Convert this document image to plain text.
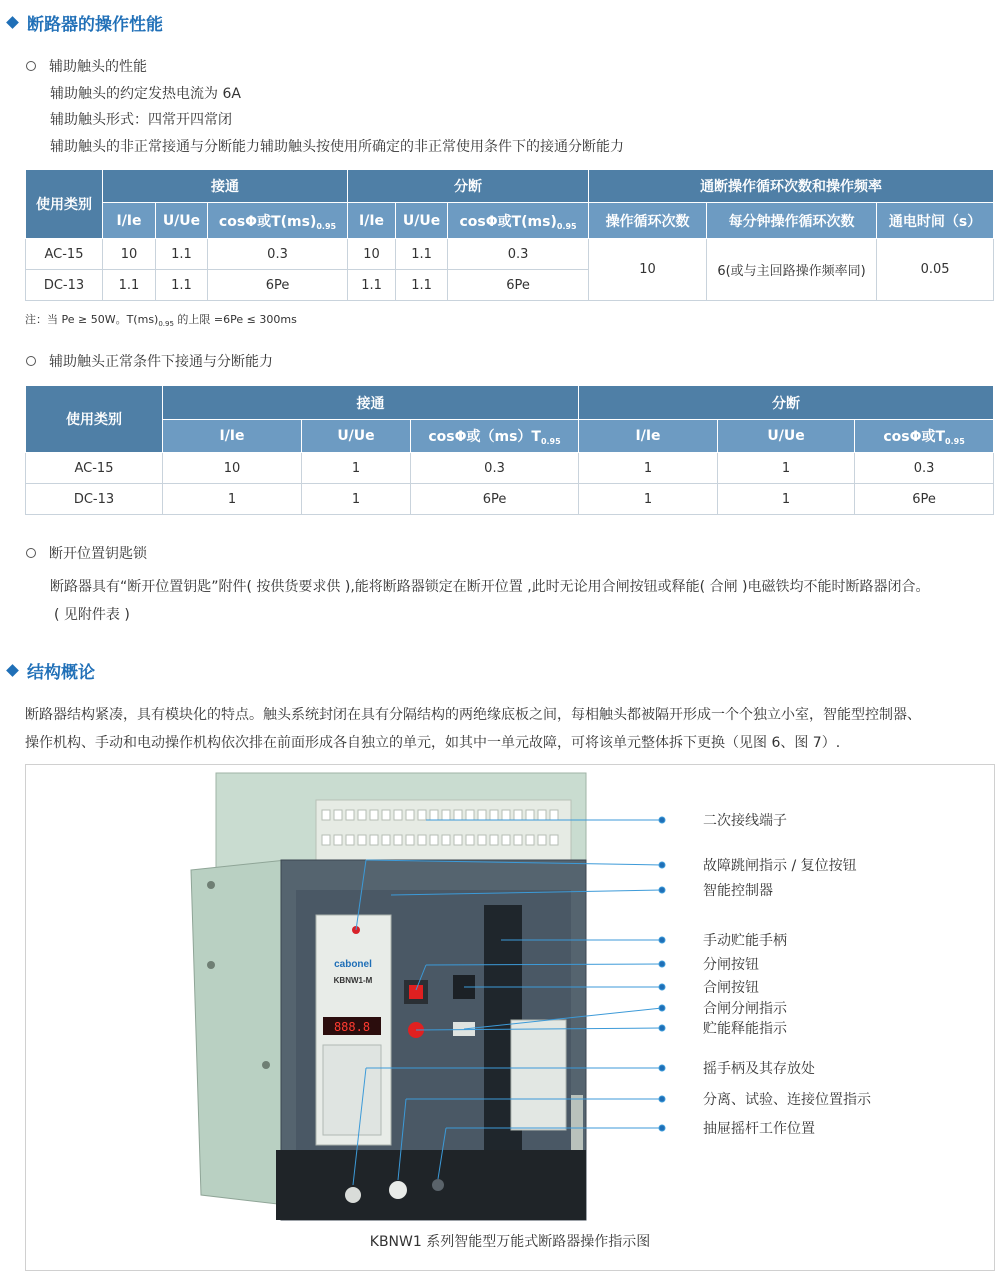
断路器的操作性能
辅助触头的性能
辅助触头的约定发热电流为 6A
辅助触头形式：四常开四常闭
辅助触头的非正常接通与分断能力辅助触头按使用所确定的非正常使用条件下的接通分断能力
使用类别	接通			分断			通断操作循环次数和操作频率		
	I/Ie	U/Ue	cosΦ或$T(ms)_{0.95}$	I/Ie	U/Ue	cosΦ或$T(ms)_{0.95}$	操作循环次数	每分钟操作循环次数	通电时间（s）
AC-15	10	1.1	0.3	10	1.1	0.3	10	6(或与主回路操作频率同)	0.05
DC-13	1.1	1.1	6Pe	1.1	1.1	6Pe			
注：当 Pe ≥ 50W。$T(ms)_{0.95}$ 的上限 =6Pe ≤ 300ms
辅助触头正常条件下接通与分断能力
使用类别	接通			分断		
	I/Ie	U/Ue	cosΦ或$(ms)T_{0.95}$	I/Ie	U/Ue	cosΦ或$T_{0.95}$
AC-15	10	1	0.3	1	1	0.3
DC-13	1	1	6Pe	1	1	6Pe
断开位置钥匙锁
断路器具有“断开位置钥匙”附件( 按供货要求供 ),能将断路器锁定在断开位置 ,此时无论用合闸按钮或释能( 合闸 )电磁铁均不能时断路器闭合。
( 见附件表 )
结构概论
断路器结构紧凑，具有模块化的特点。触头系统封闭在具有分隔结构的两绝缘底板之间，每相触头都被隔开形成一个个独立小室，智能型控制器、
操作机构、手动和电动操作机构依次排在前面形成各自独立的单元，如其中一单元故障，可将该单元整体拆下更换（见图 6、图 7）.
cabonel
KBNW1-M
888.8
二次接线端子
故障跳闸指示 / 复位按钮
智能控制器
手动贮能手柄
分闸按钮
合闸按钮
合闸分闸指示
贮能释能指示
摇手柄及其存放处
分离、试验、连接位置指示
抽屉摇杆工作位置
KBNW1 系列智能型万能式断路器操作指示图
